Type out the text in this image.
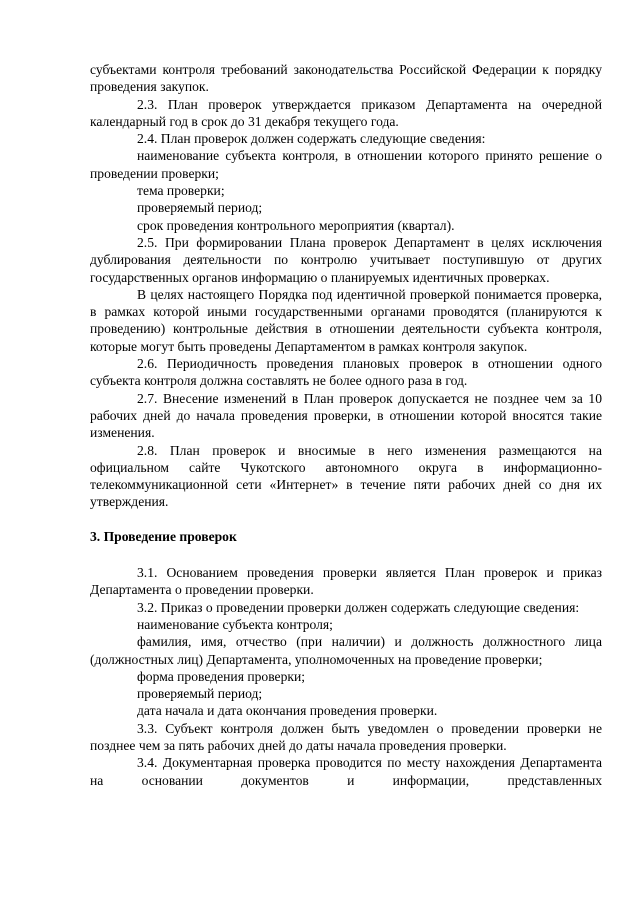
субъектами контроля требований законодательства Российской Федерации к порядку проведения закупок.

2.3. План проверок утверждается приказом Департамента на очередной календарный год в срок до 31 декабря текущего года.

2.4. План проверок должен содержать следующие сведения:

наименование субъекта контроля, в отношении которого принято решение о проведении проверки;

тема проверки;

проверяемый период;

срок проведения контрольного мероприятия (квартал).

2.5. При формировании Плана проверок Департамент в целях исключения дублирования деятельности по контролю учитывает поступившую от других государственных органов информацию о планируемых идентичных проверках.

В целях настоящего Порядка под идентичной проверкой понимается проверка, в рамках которой иными государственными органами проводятся (планируются к проведению) контрольные действия в отношении деятельности субъекта контроля, которые могут быть проведены Департаментом в рамках контроля закупок.

2.6. Периодичность проведения плановых проверок в отношении одного субъекта контроля должна составлять не более одного раза в год.

2.7. Внесение изменений в План проверок допускается не позднее чем за 10 рабочих дней до начала проведения проверки, в отношении которой вносятся такие изменения.

2.8. План проверок и вносимые в него изменения размещаются на официальном сайте Чукотского автономного округа в информационно-телекоммуникационной сети «Интернет» в течение пяти рабочих дней со дня их утверждения.

3. Проведение проверок

3.1. Основанием проведения проверки является План проверок и приказ Департамента о проведении проверки.

3.2. Приказ о проведении проверки должен содержать следующие сведения:

наименование субъекта контроля;

фамилия, имя, отчество (при наличии) и должность должностного лица (должностных лиц) Департамента, уполномоченных на проведение проверки;

форма проведения проверки;

проверяемый период;

дата начала и дата окончания проведения проверки.

3.3. Субъект контроля должен быть уведомлен о проведении проверки не позднее чем за пять рабочих дней до даты начала проведения проверки.

3.4. Документарная проверка проводится по месту нахождения Департамента на основании документов и информации, представленных
